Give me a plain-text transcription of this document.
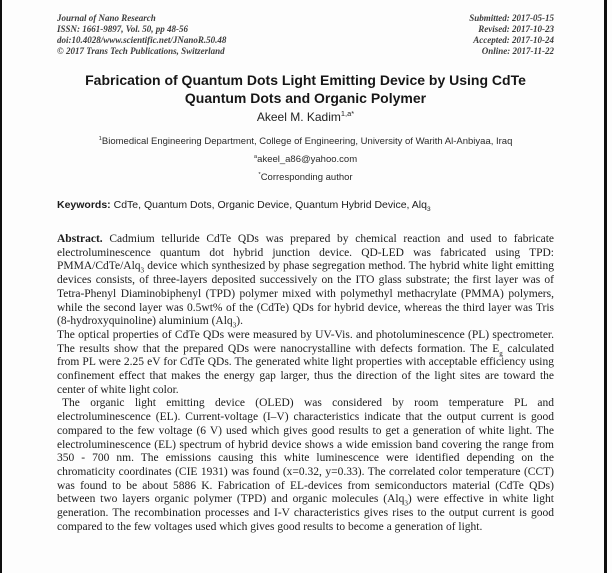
Journal of Nano Research
ISSN: 1661-9897, Vol. 50, pp 48-56
doi:10.4028/www.scientific.net/JNanoR.50.48
© 2017 Trans Tech Publications, Switzerland
Submitted: 2017-05-15
Revised: 2017-10-23
Accepted: 2017-10-24
Online: 2017-11-22
Fabrication of Quantum Dots Light Emitting Device by Using CdTe Quantum Dots and Organic Polymer
Akeel M. Kadim$^{1,a*}$
$^1$Biomedical Engineering Department, College of Engineering, University of Warith Al-Anbiyaa, Iraq
$^a$akeel_a86@yahoo.com
*Corresponding author
Keywords: CdTe, Quantum Dots, Organic Device, Quantum Hybrid Device, Alq$_3$

Abstract. Cadmium telluride CdTe QDs was prepared by chemical reaction and used to fabricate electroluminescence quantum dot hybrid junction device. QD-LED was fabricated using TPD: PMMA/CdTe/Alq$_3$ device which synthesized by phase segregation method. The hybrid white light emitting devices consists, of three-layers deposited successively on the ITO glass substrate; the first layer was of Tetra-Phenyl Diaminobiphenyl (TPD) polymer mixed with polymethyl methacrylate (PMMA) polymers, while the second layer was 0.5wt% of the (CdTe) QDs for hybrid device, whereas the third layer was Tris (8-hydroxyquinoline) aluminium (Alq$_3$).

The optical properties of CdTe QDs were measured by UV-Vis. and photoluminescence (PL) spectrometer. The results show that the prepared QDs were nanocrystalline with defects formation. The $E_g$ calculated from PL were 2.25 eV for CdTe QDs. The generated white light properties with acceptable efficiency using confinement effect that makes the energy gap larger, thus the direction of the light sites are toward the center of white light color.

The organic light emitting device (OLED) was considered by room temperature PL and electroluminescence (EL). Current-voltage (I–V) characteristics indicate that the output current is good compared to the few voltage (6 V) used which gives good results to get a generation of white light. The electroluminescence (EL) spectrum of hybrid device shows a wide emission band covering the range from 350 - 700 nm. The emissions causing this white luminescence were identified depending on the chromaticity coordinates (CIE 1931) was found (x=0.32, y=0.33). The correlated color temperature (CCT) was found to be about 5886 K. Fabrication of EL-devices from semiconductors material (CdTe QDs) between two layers organic polymer (TPD) and organic molecules (Alq$_3$) were effective in white light generation. The recombination processes and I-V characteristics gives rises to the output current is good compared to the few voltages used which gives good results to become a generation of light.
